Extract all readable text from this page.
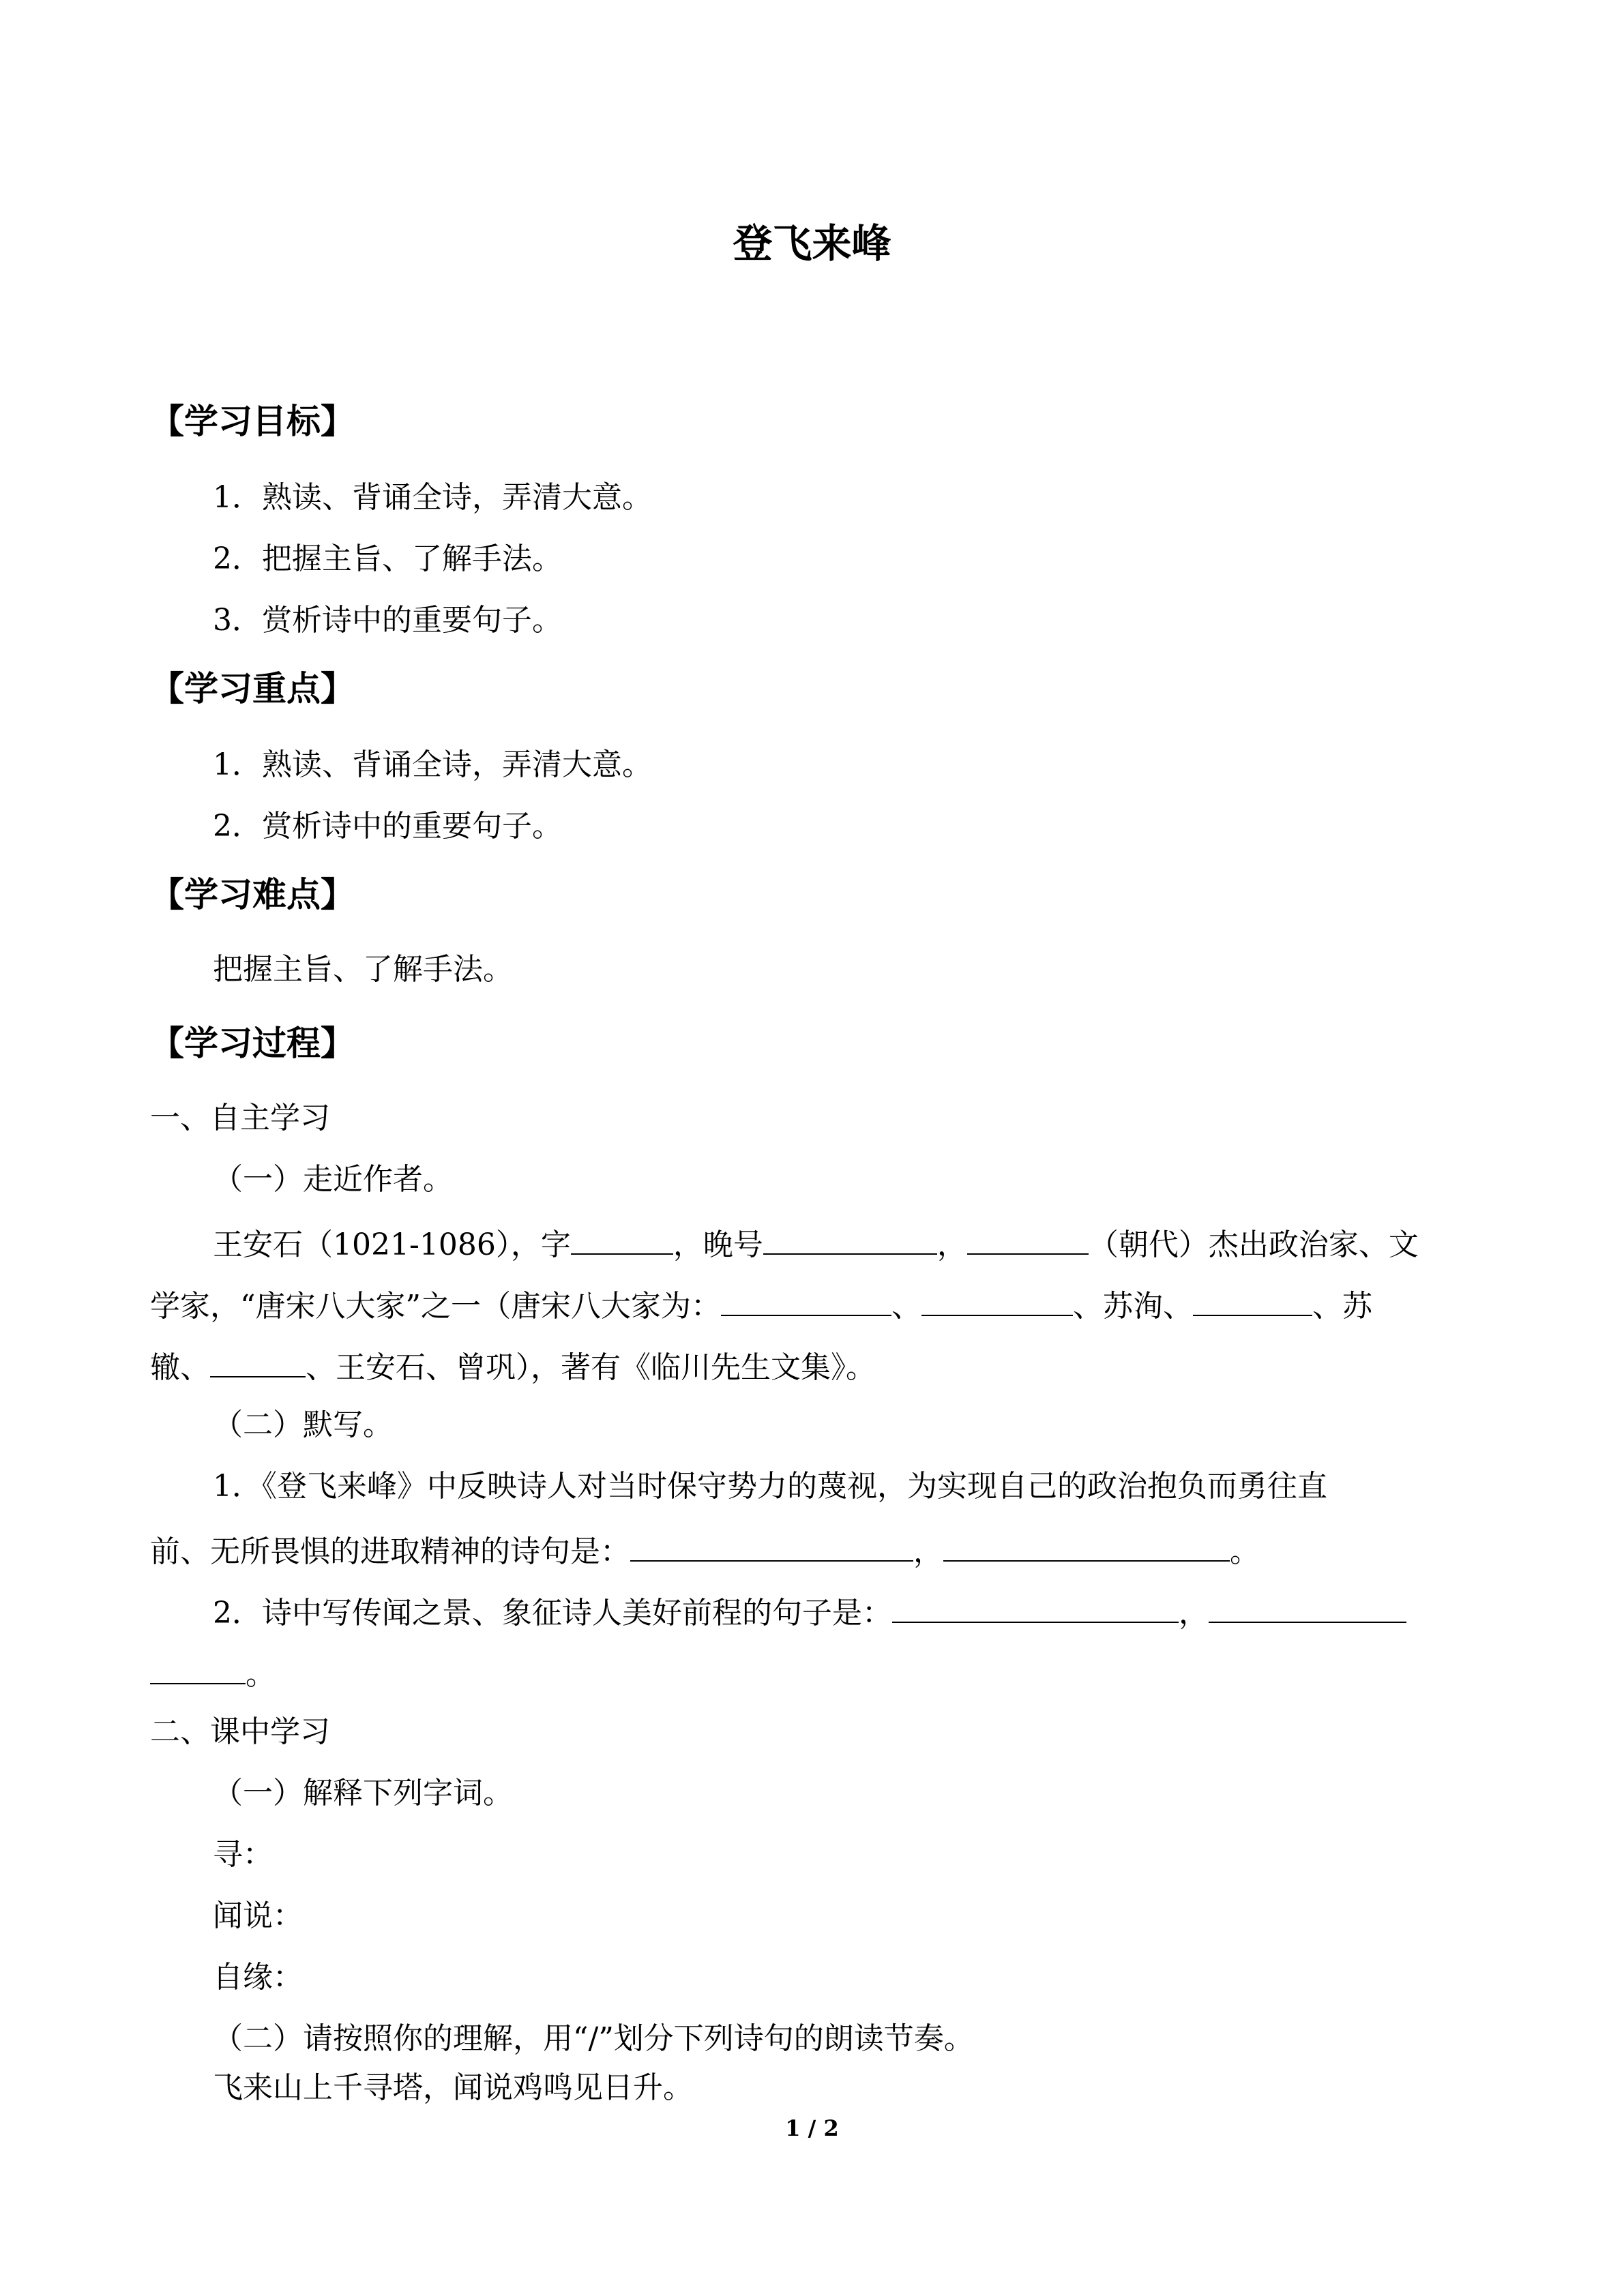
登飞来峰
【学习目标】
1．熟读、背诵全诗，弄清大意。
2．把握主旨、了解手法。
3．赏析诗中的重要句子。
【学习重点】
1．熟读、背诵全诗，弄清大意。
2．赏析诗中的重要句子。
【学习难点】
把握主旨、了解手法。
【学习过程】
一、自主学习
（一）走近作者。
王安石（1021-1086），字	，晚号	，	（朝代）杰出政治家、文
学家，“唐宋八大家”之一（唐宋八大家为：	、	、苏洵、	、苏
辙、	、王安石、曾巩），著有《临川先生文集》。
（二）默写。
1．《登飞来峰》中反映诗人对当时保守势力的蔑视，为实现自己的政治抱负而勇往直
前、无所畏惧的进取精神的诗句是：	，	。
2．诗中写传闻之景、象征诗人美好前程的句子是：	，
。
二、课中学习
（一）解释下列字词。
寻：
闻说：
自缘：
（二）请按照你的理解，用“/”划分下列诗句的朗读节奏。
飞来山上千寻塔，闻说鸡鸣见日升。
1 / 2
